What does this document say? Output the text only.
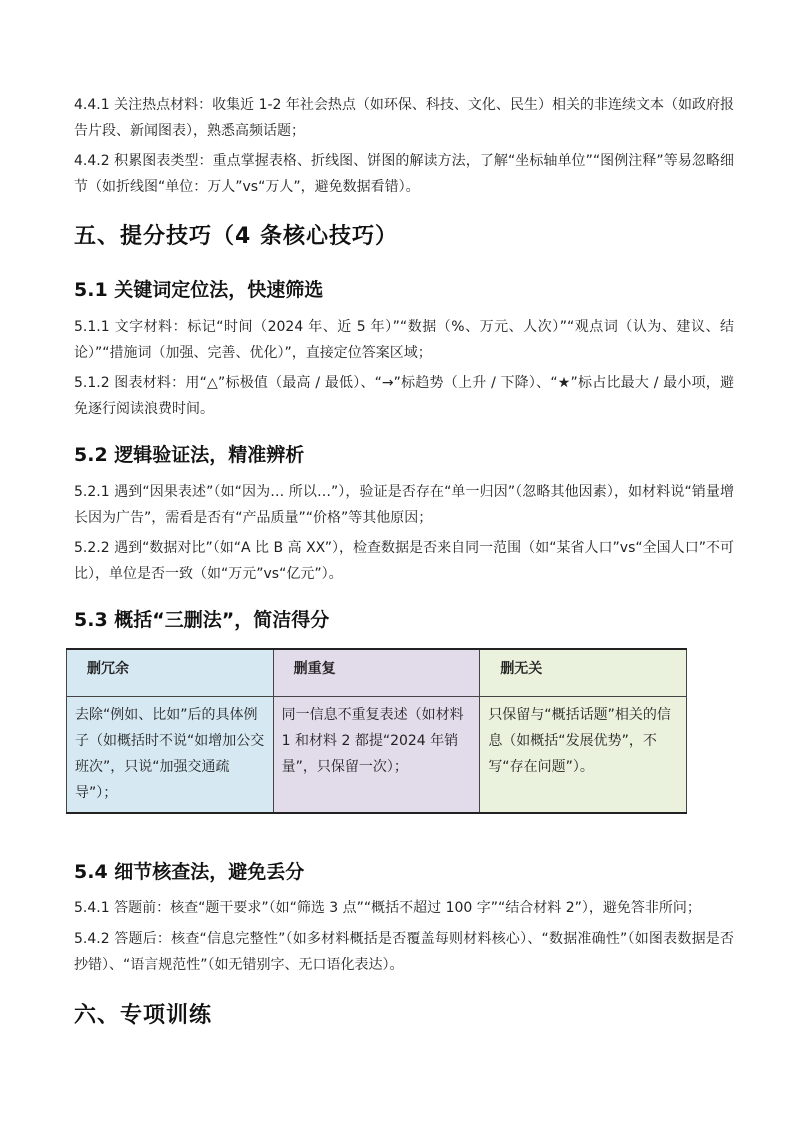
4.4.1 关注热点材料：收集近 1-2 年社会热点（如环保、科技、文化、民生）相关的非连续文本（如政府报告片段、新闻图表），熟悉高频话题；

4.4.2 积累图表类型：重点掌握表格、折线图、饼图的解读方法，了解“坐标轴单位”“图例注释”等易忽略细节（如折线图“单位：万人”vs“万人”，避免数据看错）。

五、提分技巧（4 条核心技巧）
5.1 关键词定位法，快速筛选

5.1.1 文字材料：标记“时间（2024 年、近 5 年）”“数据（%、万元、人次）”“观点词（认为、建议、结论）”“措施词（加强、完善、优化）”，直接定位答案区域；

5.1.2 图表材料：用“△”标极值（最高 / 最低）、“→”标趋势（上升 / 下降）、“★”标占比最大 / 最小项，避免逐行阅读浪费时间。

5.2 逻辑验证法，精准辨析

5.2.1 遇到“因果表述”（如“因为… 所以…”），验证是否存在“单一归因”（忽略其他因素），如材料说“销量增长因为广告”，需看是否有“产品质量”“价格”等其他原因；

5.2.2 遇到“数据对比”（如“A 比 B 高 XX”），检查数据是否来自同一范围（如“某省人口”vs“全国人口”不可比），单位是否一致（如“万元”vs“亿元”）。

5.3 概括“三删法”，简洁得分
删冗余	删重复	删无关
去除“例如、比如”后的具体例子（如概括时不说“如增加公交班次”，只说“加强交通疏导”）；	同一信息不重复表述（如材料 1 和材料 2 都提“2024 年销量”，只保留一次）；	只保留与“概括话题”相关的信息（如概括“发展优势”，不写“存在问题”）。
5.4 细节核查法，避免丢分

5.4.1 答题前：核查“题干要求”（如“筛选 3 点”“概括不超过 100 字”“结合材料 2”），避免答非所问；

5.4.2 答题后：核查“信息完整性”（如多材料概括是否覆盖每则材料核心）、“数据准确性”（如图表数据是否抄错）、“语言规范性”（如无错别字、无口语化表达）。

六、专项训练
